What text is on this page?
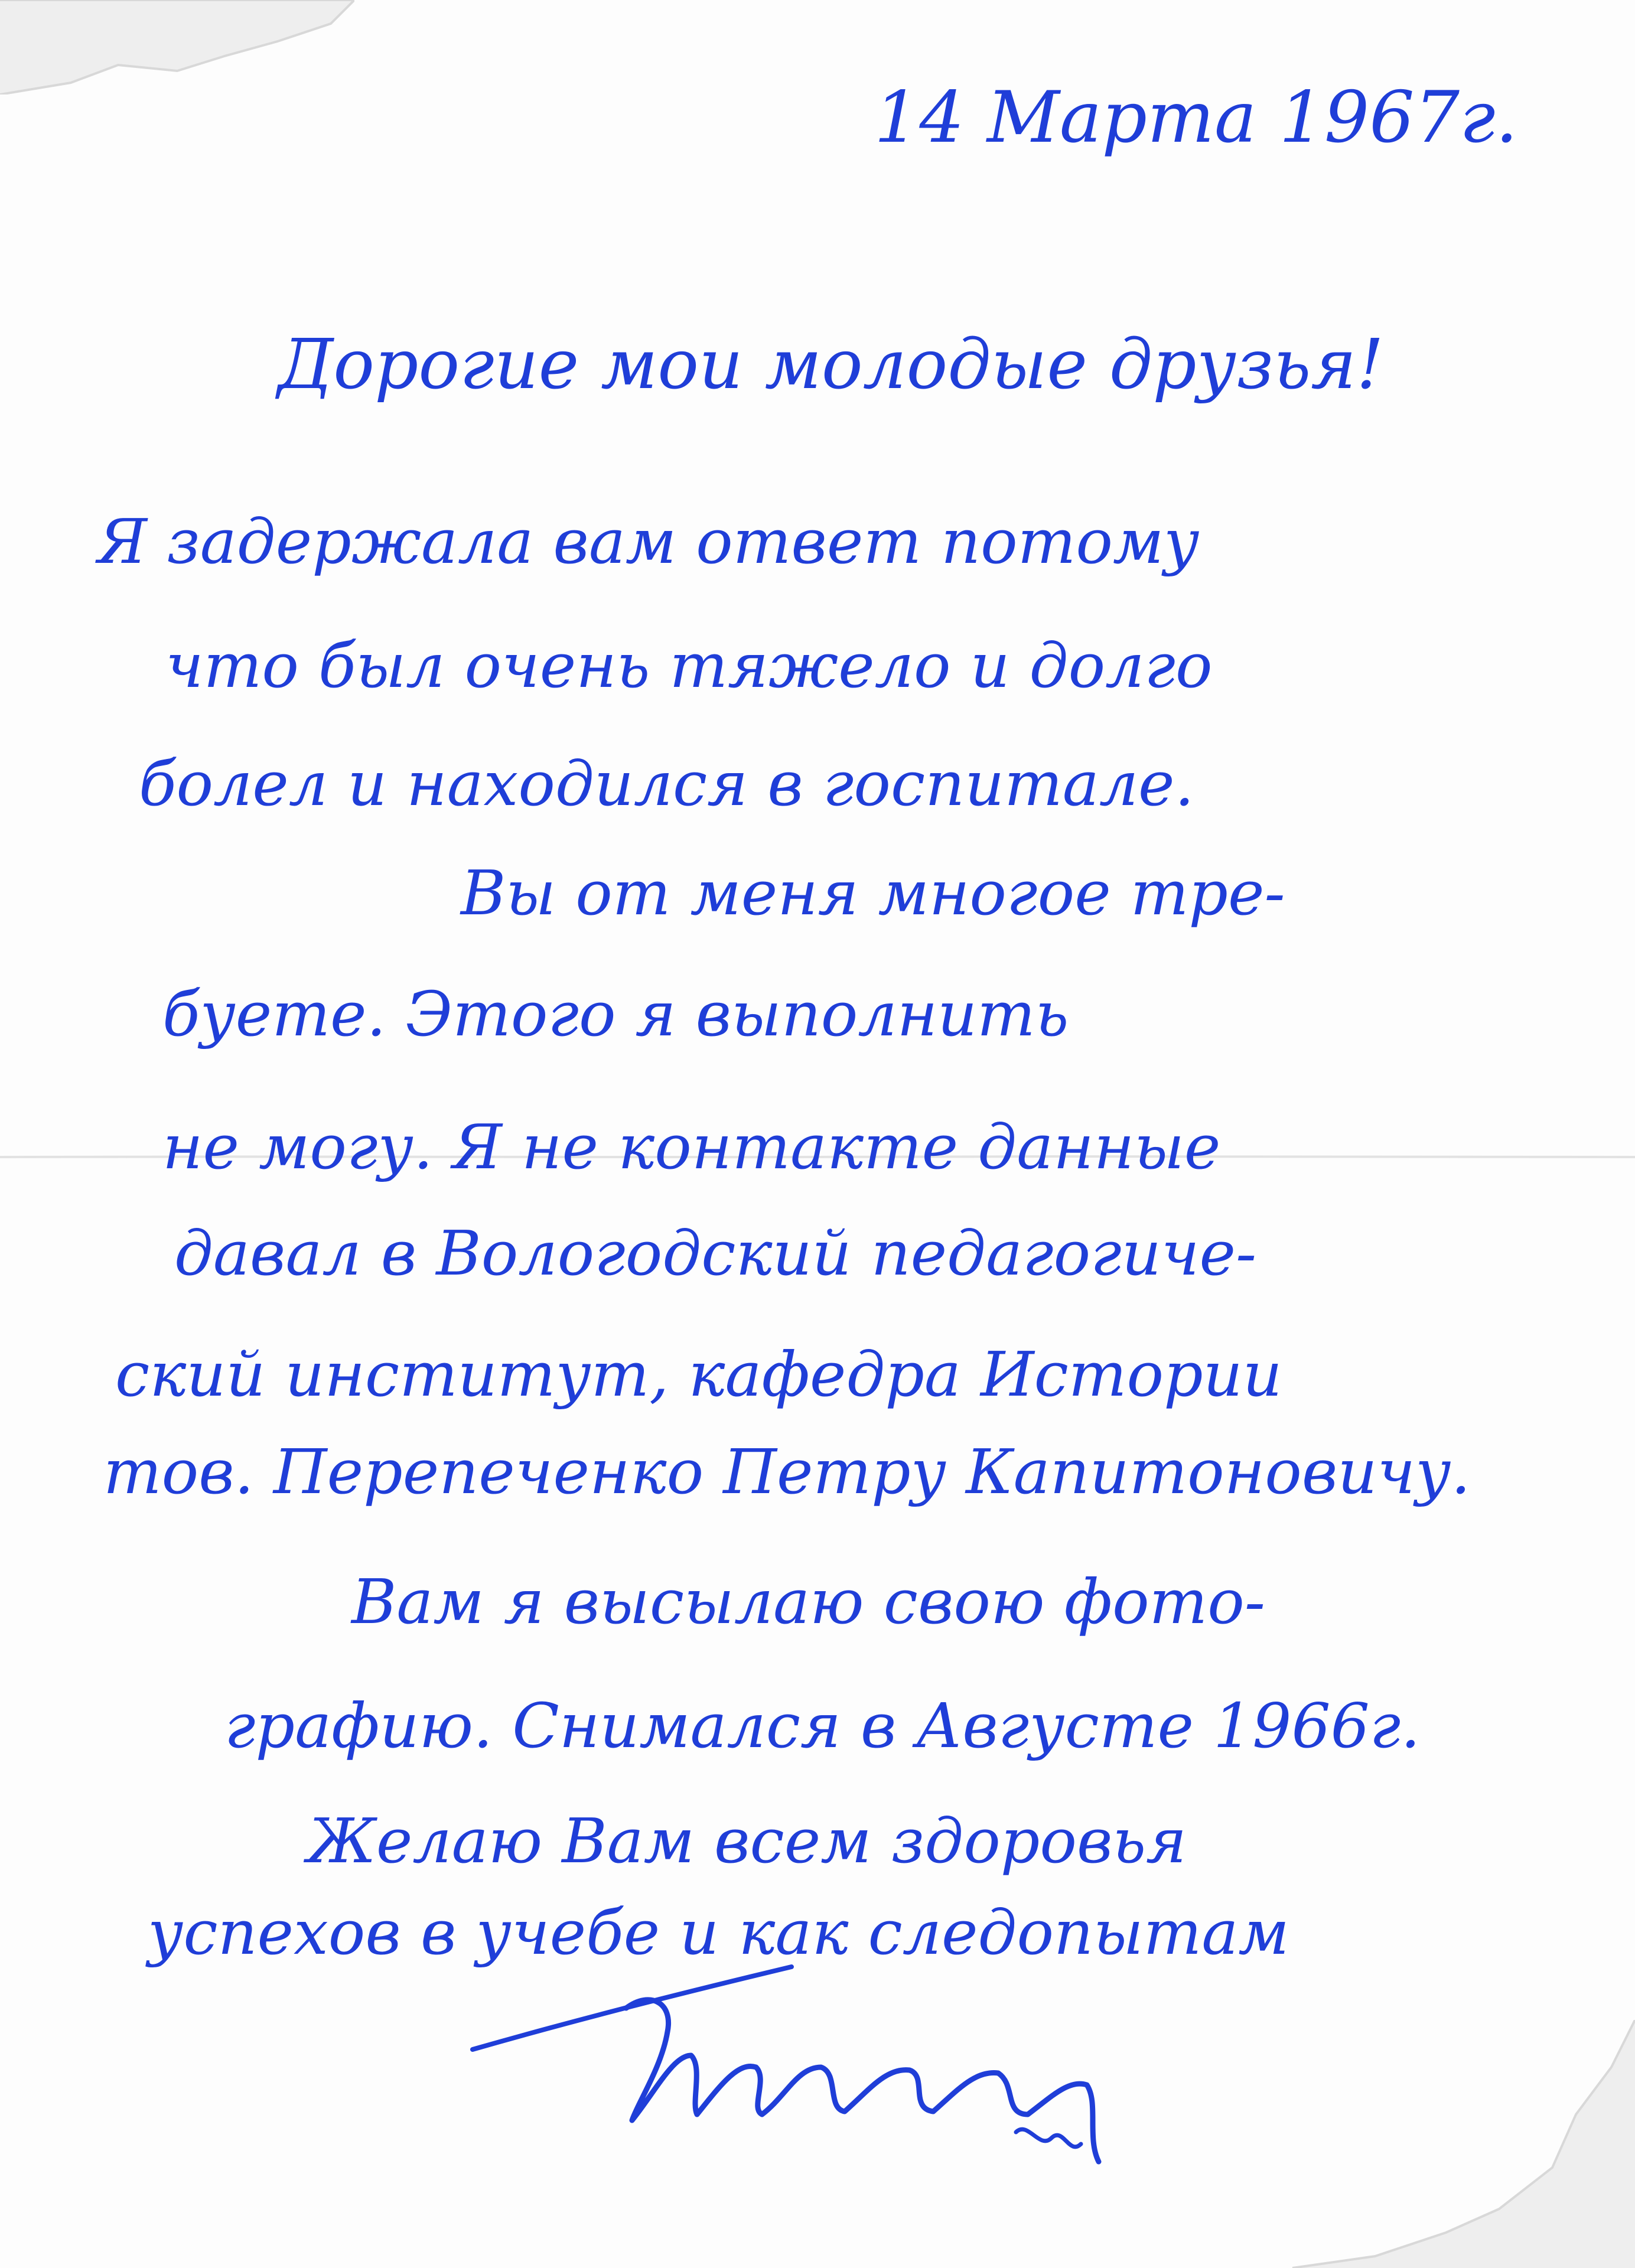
14 Марта 1967г.
Дорогие мои молодые друзья!
Я задержала вам ответ потому
что был очень тяжело и долго
болел и находился в госпитале.
Вы от меня многое тре-
буете. Этого я выполнить
не могу. Я не контакте данные
давал в Вологодский педагогиче-
ский институт, кафедра Истории
тов. Перепеченко Петру Капитоновичу.
Вам я высылаю свою фото-
графию. Снимался в Августе 1966г.
Желаю Вам всем здоровья
успехов в учебе и как следопытам
